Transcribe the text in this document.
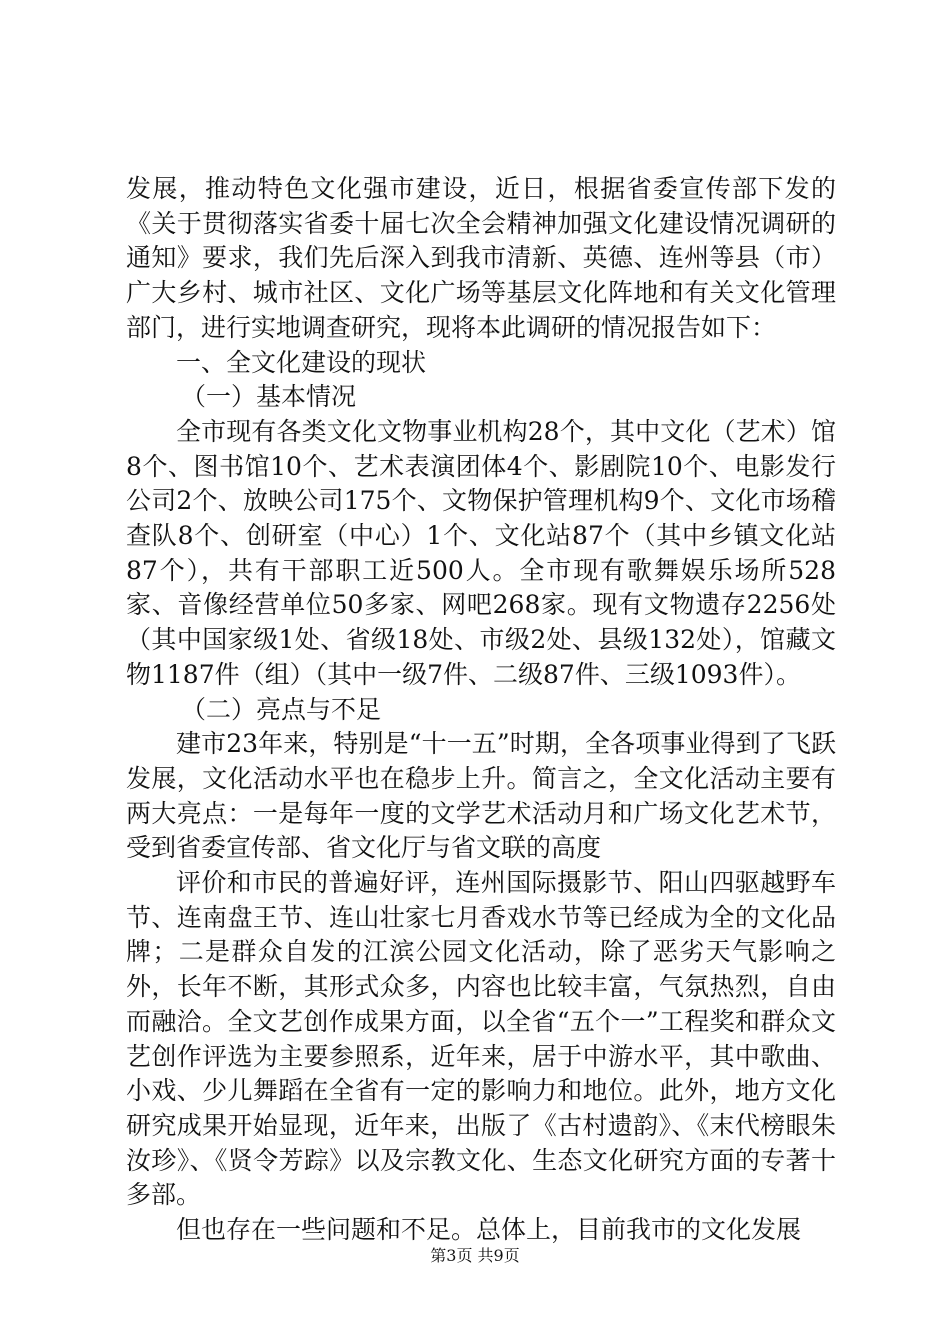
发展，推动特色文化强市建设，近日，根据省委宣传部下发的《关于贯彻落实省委十届七次全会精神加强文化建设情况调研的通知》要求，我们先后深入到我市清新、英德、连州等县（市）广大乡村、城市社区、文化广场等基层文化阵地和有关文化管理部门，进行实地调查研究，现将本此调研的情况报告如下：

一、全文化建设的现状

（一）基本情况

全市现有各类文化文物事业机构28个，其中文化（艺术）馆8个、图书馆10个、艺术表演团体4个、影剧院10个、电影发行公司2个、放映公司175个、文物保护管理机构9个、文化市场稽查队8个、创研室（中心）1个、文化站87个（其中乡镇文化站87个），共有干部职工近500人。全市现有歌舞娱乐场所528家、音像经营单位50多家、网吧268家。现有文物遗存2256处（其中国家级1处、省级18处、市级2处、县级132处），馆藏文物1187件（组）（其中一级7件、二级87件、三级1093件）。

（二）亮点与不足

建市23年来，特别是“十一五”时期，全各项事业得到了飞跃发展，文化活动水平也在稳步上升。简言之，全文化活动主要有两大亮点：一是每年一度的文学艺术活动月和广场文化艺术节，受到省委宣传部、省文化厅与省文联的高度

评价和市民的普遍好评，连州国际摄影节、阳山四驱越野车节、连南盘王节、连山壮家七月香戏水节等已经成为全的文化品牌；二是群众自发的江滨公园文化活动，除了恶劣天气影响之外，长年不断，其形式众多，内容也比较丰富，气氛热烈，自由而融洽。全文艺创作成果方面，以全省“五个一”工程奖和群众文艺创作评选为主要参照系，近年来，居于中游水平，其中歌曲、小戏、少儿舞蹈在全省有一定的影响力和地位。此外，地方文化研究成果开始显现，近年来，出版了《古村遗韵》、《末代榜眼朱汝珍》、《贤令芳踪》以及宗教文化、生态文化研究方面的专著十多部。

但也存在一些问题和不足。总体上，目前我市的文化发展

第3页 共9页
